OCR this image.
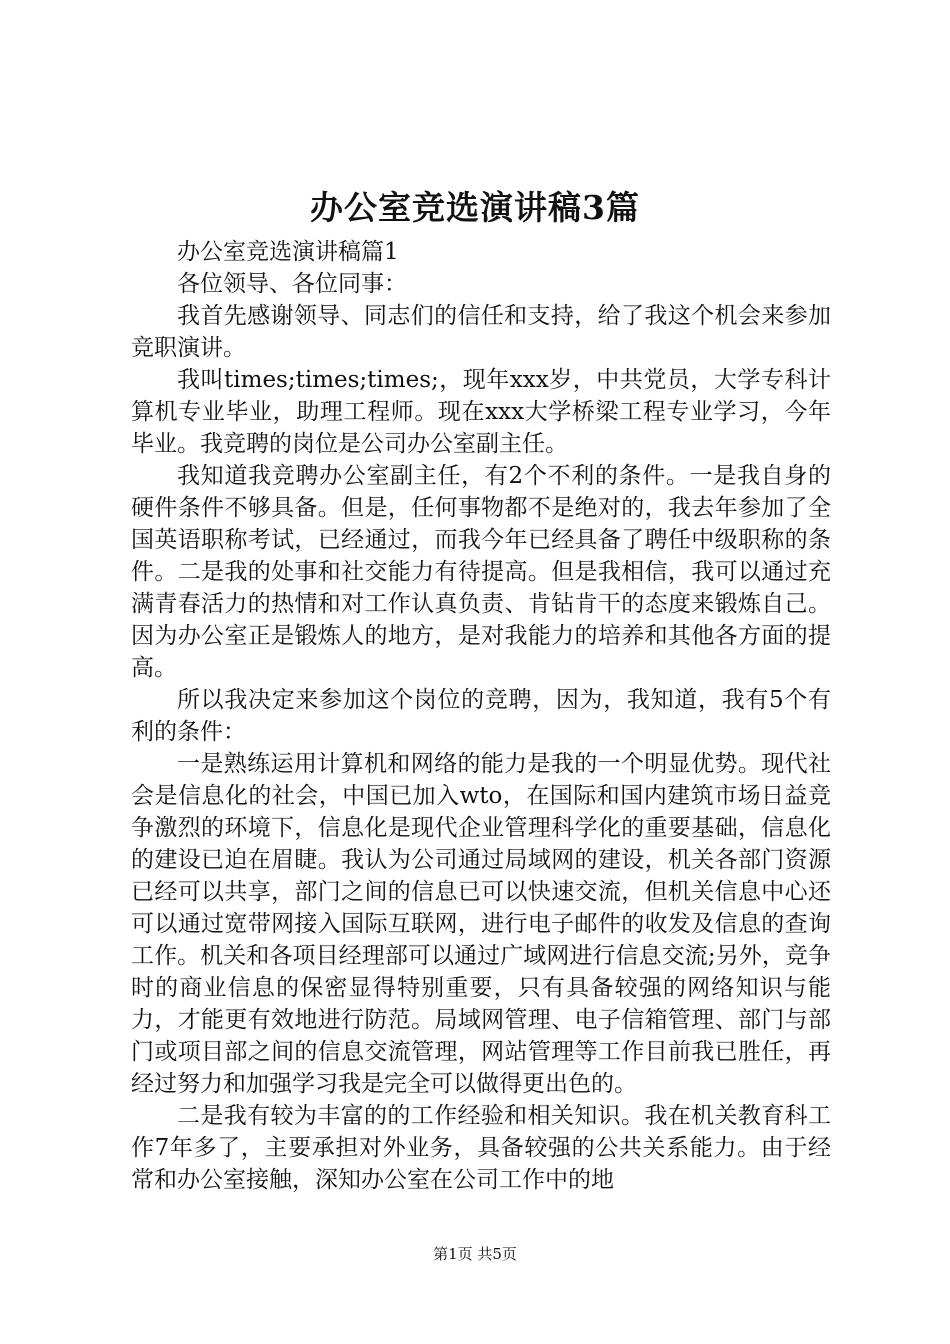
办公室竞选演讲稿3篇

办公室竞选演讲稿篇1

各位领导、各位同事：

我首先感谢领导、同志们的信任和支持，给了我这个机会来参加竞职演讲。

我叫times;times;times;，现年xxx岁，中共党员，大学专科计算机专业毕业，助理工程师。现在xxx大学桥梁工程专业学习，今年毕业。我竞聘的岗位是公司办公室副主任。

我知道我竞聘办公室副主任，有2个不利的条件。一是我自身的硬件条件不够具备。但是，任何事物都不是绝对的，我去年参加了全国英语职称考试，已经通过，而我今年已经具备了聘任中级职称的条件。二是我的处事和社交能力有待提高。但是我相信，我可以通过充满青春活力的热情和对工作认真负责、肯钻肯干的态度来锻炼自己。因为办公室正是锻炼人的地方，是对我能力的培养和其他各方面的提高。

所以我决定来参加这个岗位的竞聘，因为，我知道，我有5个有利的条件：

一是熟练运用计算机和网络的能力是我的一个明显优势。现代社会是信息化的社会，中国已加入wto，在国际和国内建筑市场日益竞争激烈的环境下，信息化是现代企业管理科学化的重要基础，信息化的建设已迫在眉睫。我认为公司通过局域网的建设，机关各部门资源已经可以共享，部门之间的信息已可以快速交流，但机关信息中心还可以通过宽带网接入国际互联网，进行电子邮件的收发及信息的查询工作。机关和各项目经理部可以通过广域网进行信息交流;另外，竞争时的商业信息的保密显得特别重要，只有具备较强的网络知识与能力，才能更有效地进行防范。局域网管理、电子信箱管理、部门与部门或项目部之间的信息交流管理，网站管理等工作目前我已胜任，再经过努力和加强学习我是完全可以做得更出色的。

二是我有较为丰富的的工作经验和相关知识。我在机关教育科工作7年多了，主要承担对外业务，具备较强的公共关系能力。由于经常和办公室接触，深知办公室在公司工作中的地

第1页 共5页
